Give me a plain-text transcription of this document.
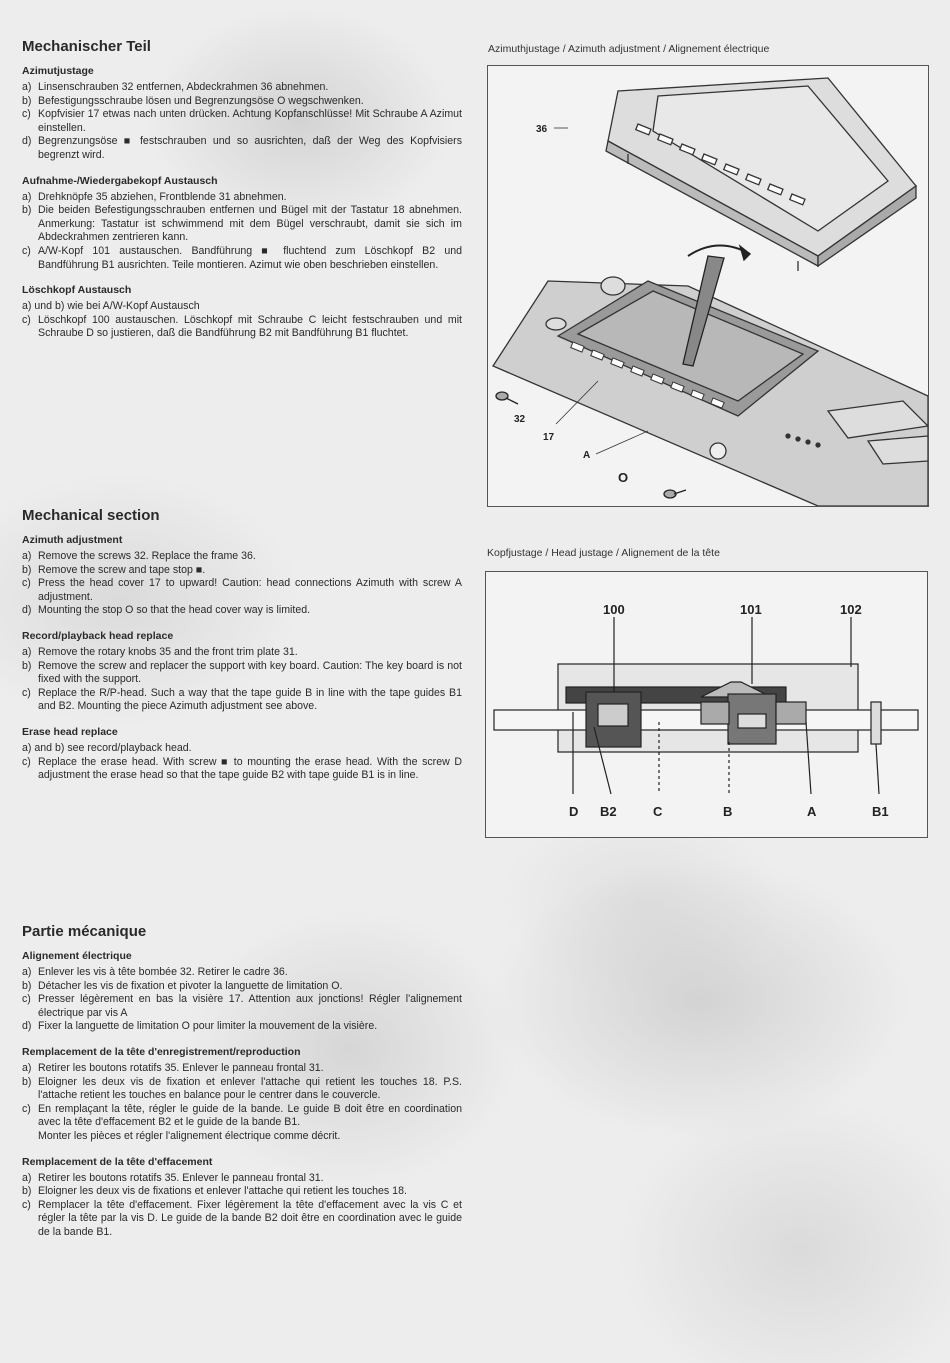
Mechanischer Teil
Azimutjustage
a) Linsenschrauben 32 entfernen, Abdeckrahmen 36 abnehmen.
b) Befestigungsschraube lösen und Begrenzungsöse O wegschwenken.
c) Kopfvisier 17 etwas nach unten drücken. Achtung Kopfanschlüsse! Mit Schraube A Azimut einstellen.
d) Begrenzungsöse ■ festschrauben und so ausrichten, daß der Weg des Kopfvisiers begrenzt wird.
Aufnahme-/Wiedergabekopf Austausch
a) Drehknöpfe 35 abziehen, Frontblende 31 abnehmen.
b) Die beiden Befestigungsschrauben entfernen und Bügel mit der Tastatur 18 abnehmen. Anmerkung: Tastatur ist schwimmend mit dem Bügel verschraubt, damit sie sich im Abdeckrahmen zentrieren kann.
c) A/W-Kopf 101 austauschen. Bandführung ■ fluchtend zum Löschkopf B2 und Bandführung B1 ausrichten. Teile montieren. Azimut wie oben beschrieben einstellen.
Löschkopf Austausch
a) und b) wie bei A/W-Kopf Austausch
c) Löschkopf 100 austauschen. Löschkopf mit Schraube C leicht festschrauben und mit Schraube D so justieren, daß die Bandführung B2 mit Bandführung B1 fluchtet.
Mechanical section
Azimuth adjustment
a) Remove the screws 32. Replace the frame 36.
b) Remove the screw and tape stop ■.
c) Press the head cover 17 to upward! Caution: head connections Azimuth with screw A adjustment.
d) Mounting the stop O so that the head cover way is limited.
Record/playback head replace
a) Remove the rotary knobs 35 and the front trim plate 31.
b) Remove the screw and replacer the support with key board. Caution: The key board is not fixed with the support.
c) Replace the R/P-head. Such a way that the tape guide B in line with the tape guides B1 and B2. Mounting the piece Azimuth adjustment see above.
Erase head replace
a) and b) see record/playback head.
c) Replace the erase head. With screw ■ to mounting the erase head. With the screw D adjustment the erase head so that the tape guide B2 with tape guide B1 is in line.
Partie mécanique
Alignement électrique
a) Enlever les vis à tête bombée 32. Retirer le cadre 36.
b) Détacher les vis de fixation et pivoter la languette de limitation O.
c) Presser légèrement en bas la visière 17. Attention aux jonctions! Régler l'alignement électrique par vis A
d) Fixer la languette de limitation O pour limiter la mouvement de la visière.
Remplacement de la tête d'enregistrement/reproduction
a) Retirer les boutons rotatifs 35. Enlever le panneau frontal 31.
b) Eloigner les deux vis de fixation et enlever l'attache qui retient les touches 18. P.S. l'attache retient les touches en balance pour le centrer dans le couvercle.
c) En remplaçant la tête, régler le guide de la bande. Le guide B doit être en coordination avec la tête d'effacement B2 et le guide de la bande B1.
Monter les pièces et régler l'alignement électrique comme décrit.
Remplacement de la tête d'effacement
a) Retirer les boutons rotatifs 35. Enlever le panneau frontal 31.
b) Eloigner les deux vis de fixations et enlever l'attache qui retient les touches 18.
c) Remplacer la tête d'effacement. Fixer légèrement la tête d'effacement avec la vis C et régler la tête par la vis D. Le guide de la bande B2 doit être en coordination avec le guide de la bande B1.
Azimuthjustage / Azimuth adjustment / Alignement électrique
36
32
17
A
O
Kopfjustage / Head justage / Alignement de la tête
100	101	102
D B2	C	B	A	B1
